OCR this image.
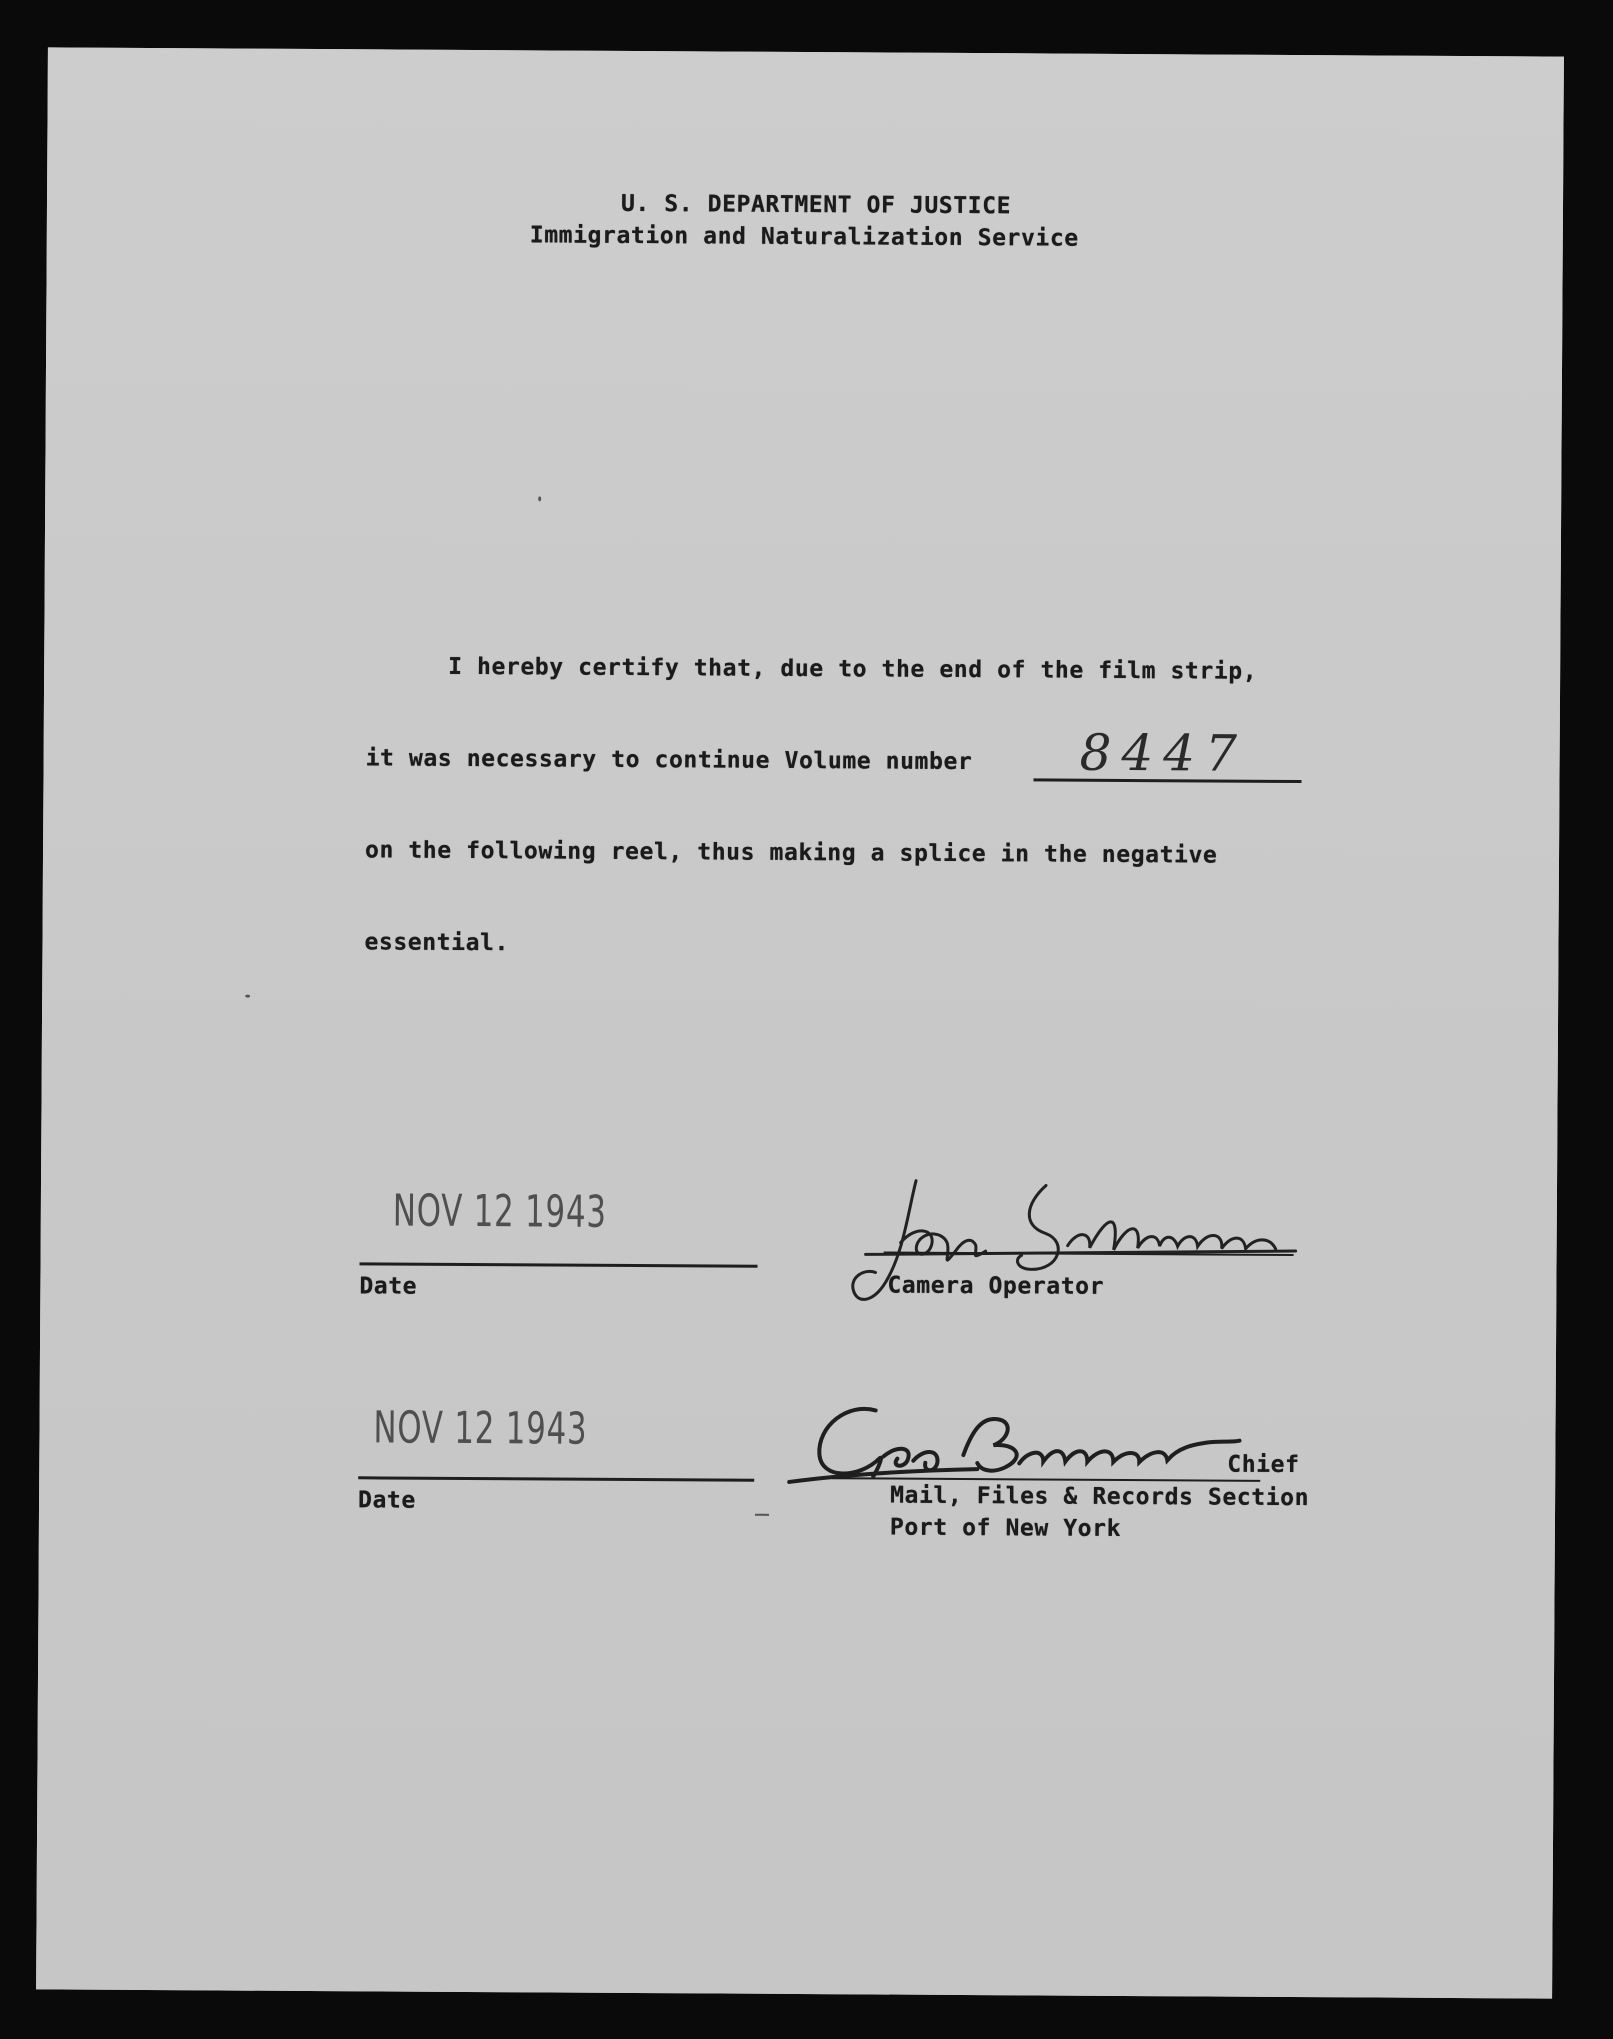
U. S. DEPARTMENT OF JUSTICE
Immigration and Naturalization Service
I hereby certify that, due to the end of the film strip,
it was necessary to continue Volume number 8447
on the following reel, thus making a splice in the negative
essential.
NOV 12 1943
Date	Camera Operator
NOV 12 1943
Date
Chief
Mail, Files & Records Section
Port of New York
